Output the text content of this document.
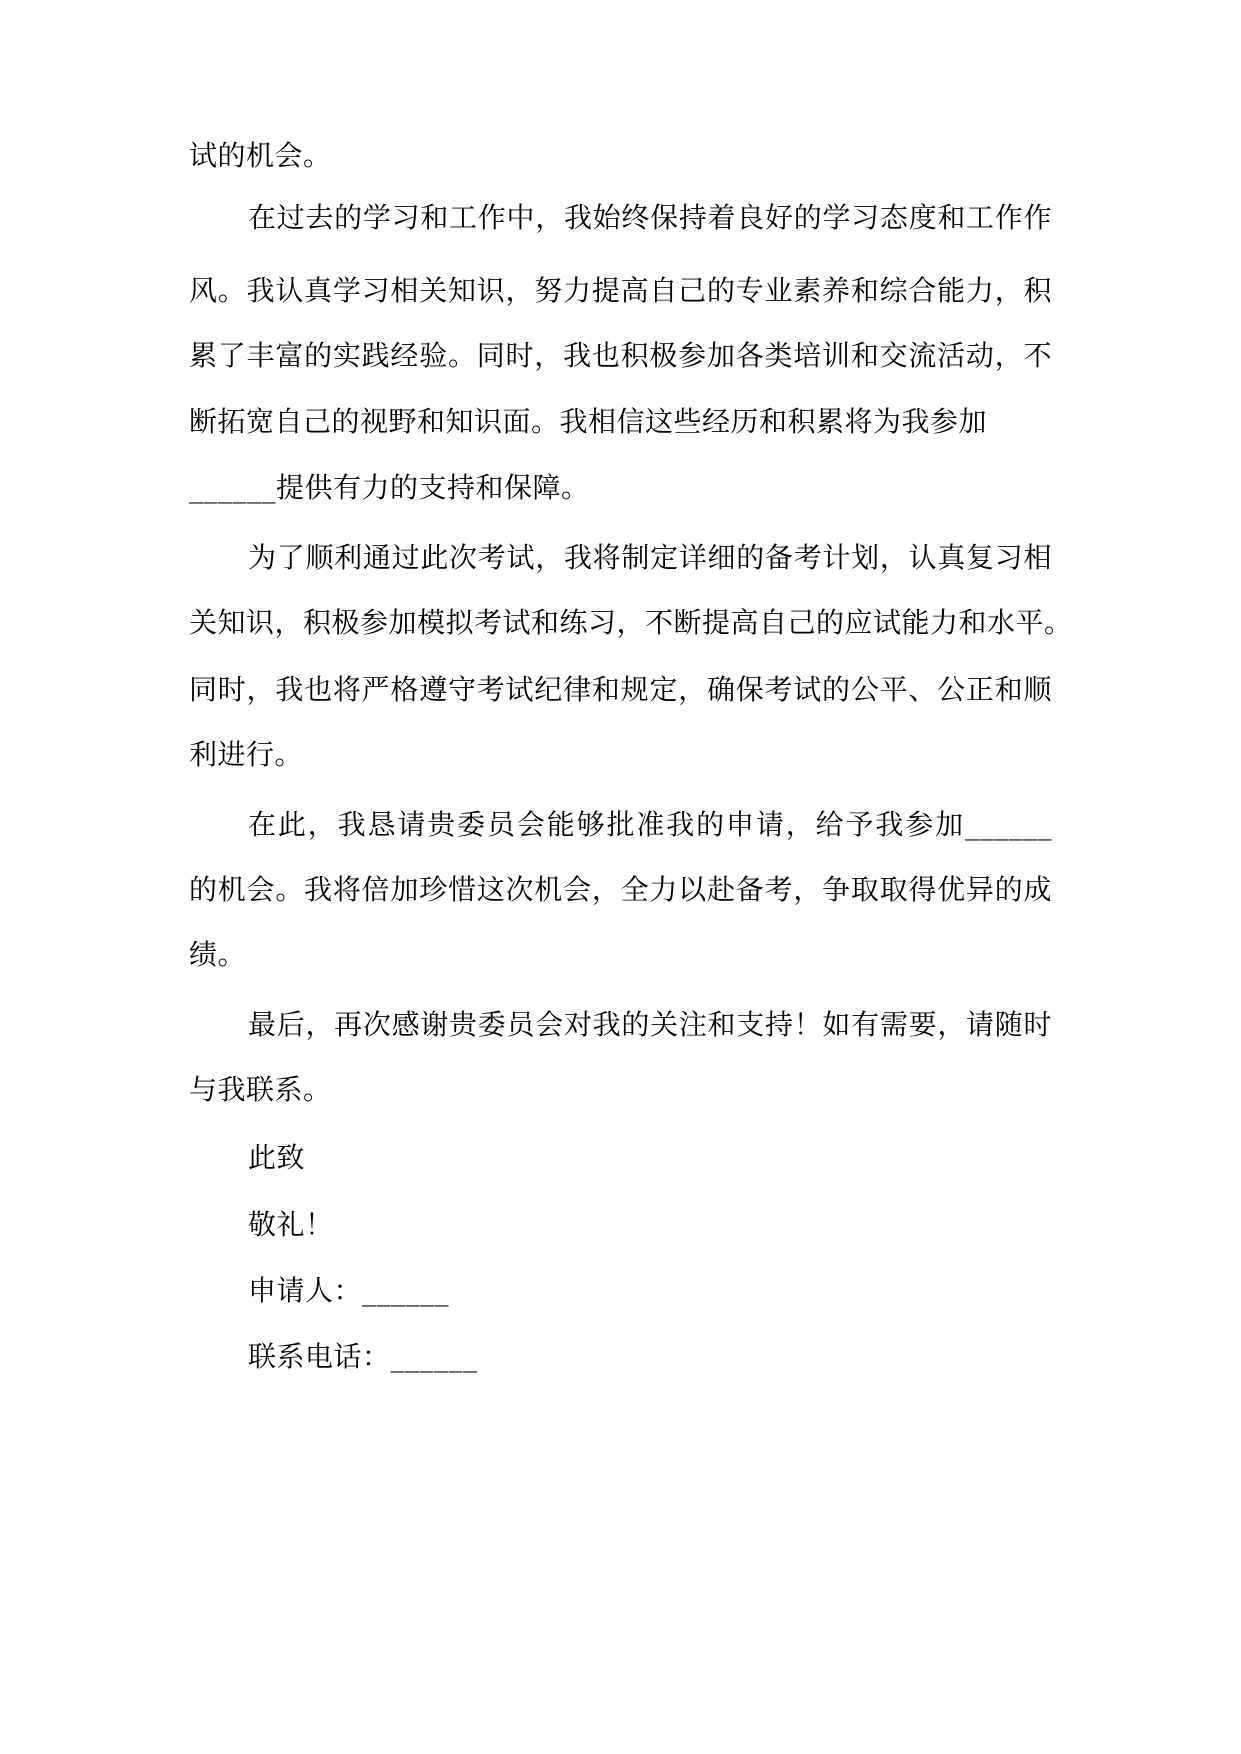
试的机会。
在过去的学习和工作中，我始终保持着良好的学习态度和工作作
风。我认真学习相关知识，努力提高自己的专业素养和综合能力，积
累了丰富的实践经验。同时，我也积极参加各类培训和交流活动，不
断拓宽自己的视野和知识面。我相信这些经历和积累将为我参加
______提供有力的支持和保障。
为了顺利通过此次考试，我将制定详细的备考计划，认真复习相
关知识，积极参加模拟考试和练习，不断提高自己的应试能力和水平。
同时，我也将严格遵守考试纪律和规定，确保考试的公平、公正和顺
利进行。
在此，我恳请贵委员会能够批准我的申请，给予我参加______
的机会。我将倍加珍惜这次机会，全力以赴备考，争取取得优异的成
绩。
最后，再次感谢贵委员会对我的关注和支持！如有需要，请随时
与我联系。
此致
敬礼！
申请人：______
联系电话：______
